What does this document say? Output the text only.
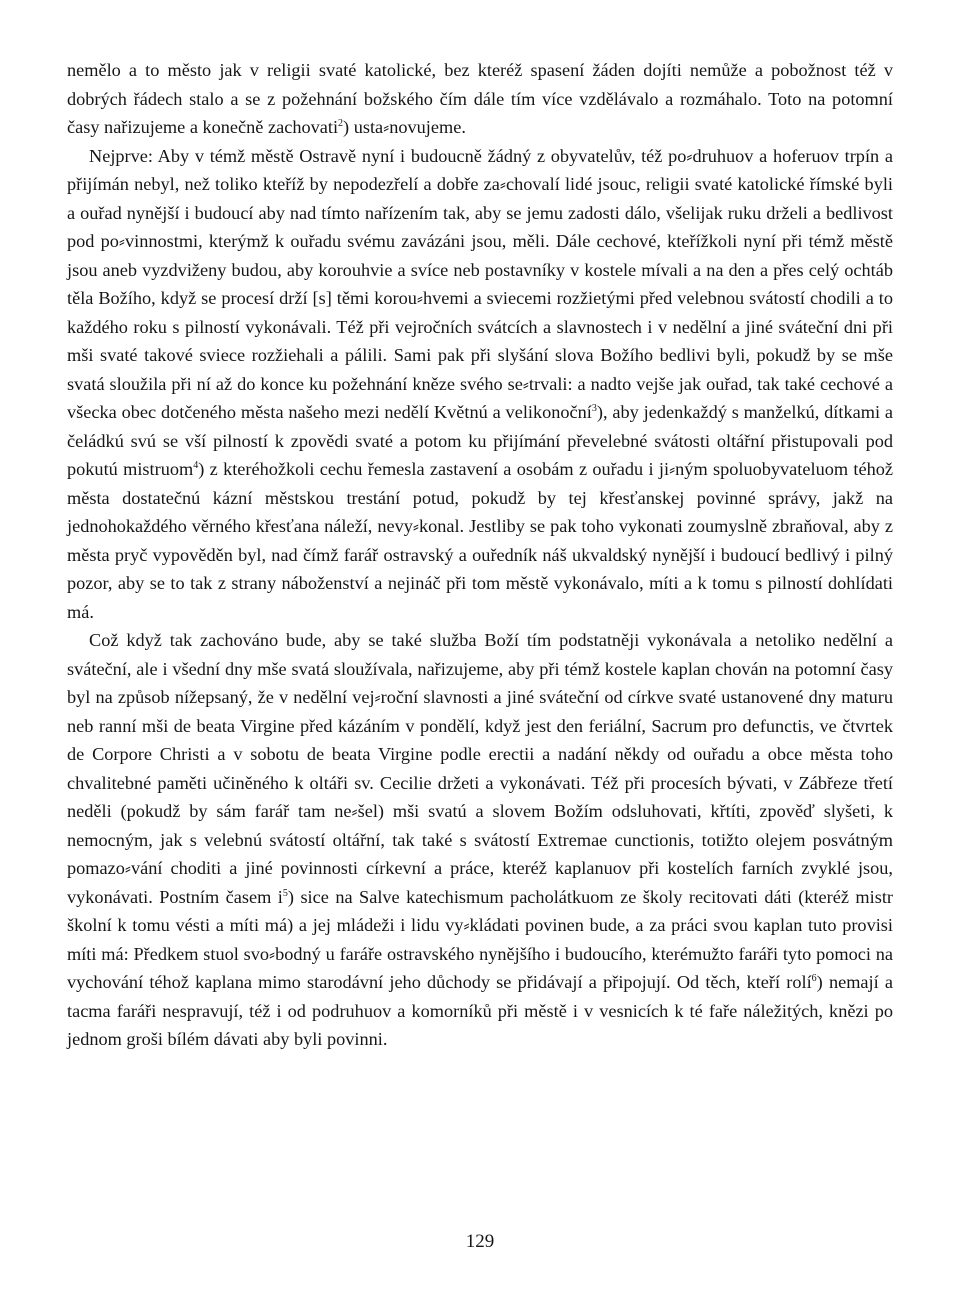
nemělo a to město jak v religii svaté katolické, bez kteréž spasení žáden dojíti nemůže a pobožnost též v dobrých řádech stalo a se z požehnání božského čím dále tím více vzdělávalo a rozmáhalo. Toto na potomní časy nařizujeme a konečně zachovati$^2$) usta⸗novujeme.

Nejprve: Aby v témž městě Ostravě nyní i budoucně žádný z obyvatelův, též po⸗druhuov a hoferuov trpín a přijímán nebyl, než toliko kteříž by nepodezřelí a dobře za⸗chovalí lidé jsouc, religii svaté katolické římské byli a ouřad nynější i budoucí aby nad tímto nařízením tak, aby se jemu zadosti dálo, všelijak ruku drželi a bedlivost pod po⸗vinnostmi, kterýmž k ouřadu svému zavázáni jsou, měli. Dále cechové, kteřížkoli nyní při témž městě jsou aneb vyzdviženy budou, aby korouhvie a svíce neb postavníky v kostele mívali a na den a přes celý ochtáb těla Božího, když se procesí drží [s] těmi korou⸗hvemi a sviecemi rozžietými před velebnou svátostí chodili a to každého roku s pilností vykonávali. Též při vejročních svátcích a slavnostech i v nedělní a jiné sváteční dni při mši svaté takové sviece rozžiehali a pálili. Sami pak při slyšání slova Božího bedlivi byli, pokudž by se mše svatá sloužila při ní až do konce ku požehnání kněze svého se⸗trvali: a nadto vejše jak ouřad, tak také cechové a všecka obec dotčeného města našeho mezi nedělí Květnú a velikonoční$^3$), aby jedenkaždý s manželkú, dítkami a čeládkú svú se vší pilností k zpovědi svaté a potom ku přijímání převelebné svátosti oltářní přistupovali pod pokutú mistruom$^4$) z kteréhožkoli cechu řemesla zastavení a osobám z ouřadu i ji⸗ným spoluobyvateluom téhož města dostatečnú kázní městskou trestání potud, pokudž by tej křesťanskej povinné správy, jakž na jednohokaždého věrného křesťana náleží, nevy⸗konal. Jestliby se pak toho vykonati zoumyslně zbraňoval, aby z města pryč vypověděn byl, nad čímž farář ostravský a ouředník náš ukvaldský nynější i budoucí bedlivý i pilný pozor, aby se to tak z strany náboženství a nejináč při tom městě vykonávalo, míti a k tomu s pilností dohlídati má.

Což když tak zachováno bude, aby se také služba Boží tím podstatněji vykonávala a netoliko nedělní a sváteční, ale i všední dny mše svatá sloužívala, nařizujeme, aby při témž kostele kaplan chován na potomní časy byl na způsob nížepsaný, že v nedělní vej⸗roční slavnosti a jiné sváteční od církve svaté ustanovené dny maturu neb ranní mši de beata Virgine před kázáním v pondělí, když jest den feriální, Sacrum pro defunctis, ve čtvrtek de Corpore Christi a v sobotu de beata Virgine podle erectii a nadání někdy od ouřadu a obce města toho chvalitebné paměti učiněného k oltáři sv. Cecilie držeti a vykonávati. Též při procesích bývati, v Zábřeze třetí neděli (pokudž by sám farář tam ne⸗šel) mši svatú a slovem Božím odsluhovati, křtíti, zpověď slyšeti, k nemocným, jak s velebnú svátostí oltářní, tak také s svátostí Extremae cunctionis, totižto olejem posvátným pomazo⸗vání choditi a jiné povinnosti církevní a práce, kteréž kaplanuov při kostelích farních zvyklé jsou, vykonávati. Postním časem $i^5$) sice na Salve katechismum pacholátkuom ze školy recitovati dáti (kteréž mistr školní k tomu vésti a míti má) a jej mládeži i lidu vy⸗kládati povinen bude, a za práci svou kaplan tuto provisi míti má: Předkem stuol svo⸗bodný u faráře ostravského nynějšího i budoucího, kterémužto faráři tyto pomoci na vychování téhož kaplana mimo starodávní jeho důchody se přidávají a připojují. Od těch, kteří rolí$^6$) nemají a tacma faráři nespravují, též i od podruhuov a komorníků při městě i v vesnicích k té faře náležitých, knězi po jednom groši bílém dávati aby byli povinni.

129
